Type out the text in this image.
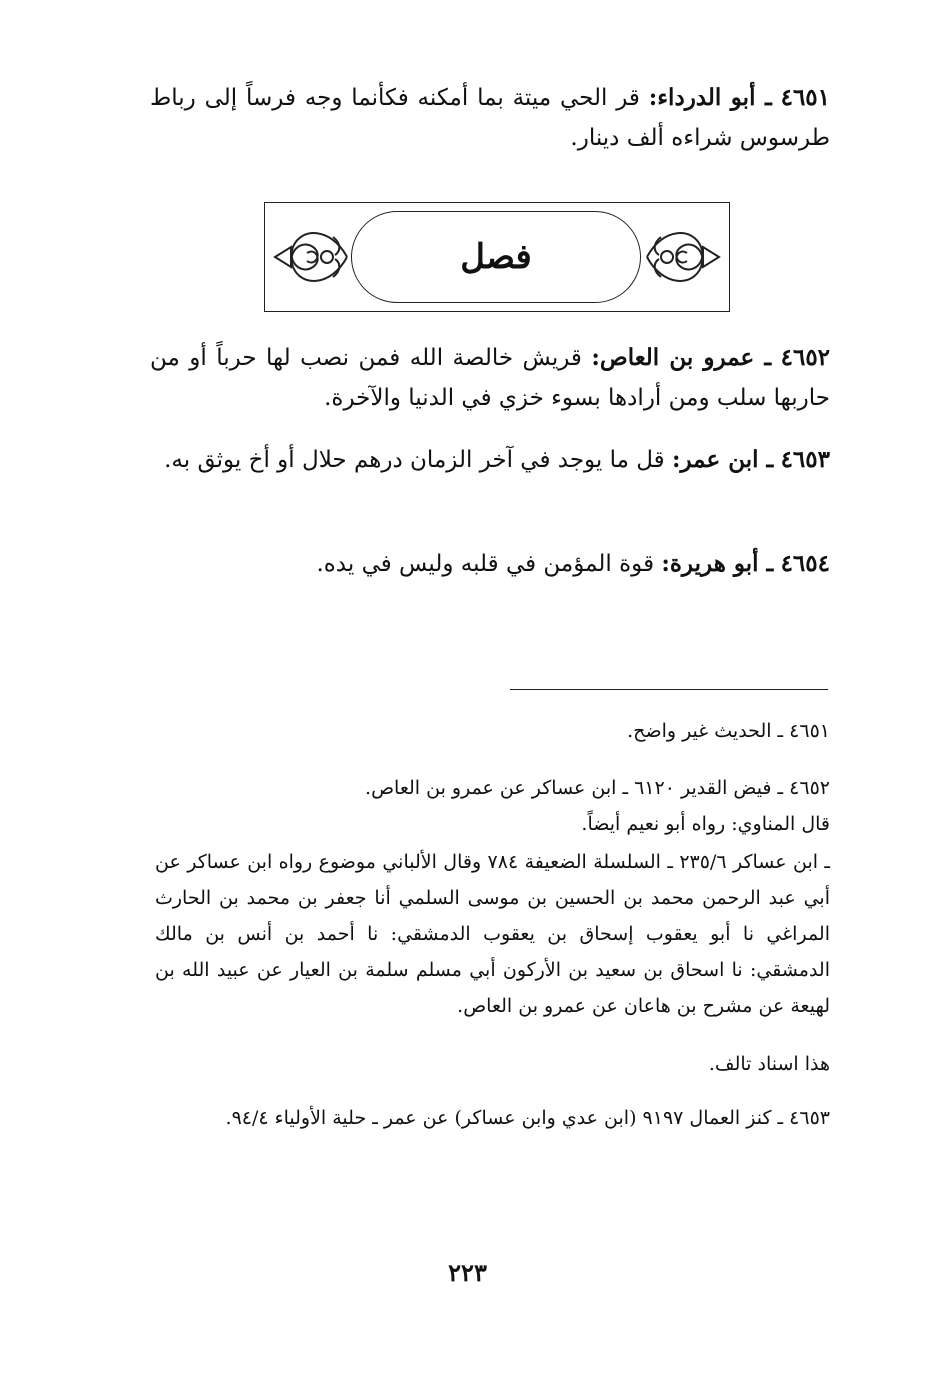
٤٦٥١ ـ أبو الدرداء: قر الحي ميتة بما أمكنه فكأنما وجه فرساً إلى رباط طرسوس شراءه ألف دينار.
فصل
٤٦٥٢ ـ عمرو بن العاص: قريش خالصة الله فمن نصب لها حرباً أو من حاربها سلب ومن أرادها بسوء خزي في الدنيا والآخرة.
٤٦٥٣ ـ ابن عمر: قل ما يوجد في آخر الزمان درهم حلال أو أخ يوثق به.
٤٦٥٤ ـ أبو هريرة: قوة المؤمن في قلبه وليس في يده.
٤٦٥١ ـ الحديث غير واضح.
٤٦٥٢ ـ فيض القدير ٦١٢٠ ـ ابن عساكر عن عمرو بن العاص.
قال المناوي: رواه أبو نعيم أيضاً.
ـ ابن عساكر ٢٣٥/٦ ـ السلسلة الضعيفة ٧٨٤ وقال الألباني موضوع رواه ابن عساكر عن أبي عبد الرحمن محمد بن الحسين بن موسى السلمي أنا جعفر بن محمد بن الحارث المراغي نا أبو يعقوب إسحاق بن يعقوب الدمشقي: نا أحمد بن أنس بن مالك الدمشقي: نا اسحاق بن سعيد بن الأركون أبي مسلم سلمة بن العيار عن عبيد الله بن لهيعة عن مشرح بن هاعان عن عمرو بن العاص.
هذا اسناد تالف.
٤٦٥٣ ـ كنز العمال ٩١٩٧ (ابن عدي وابن عساكر) عن عمر ـ حلية الأولياء ٩٤/٤.
٢٢٣
